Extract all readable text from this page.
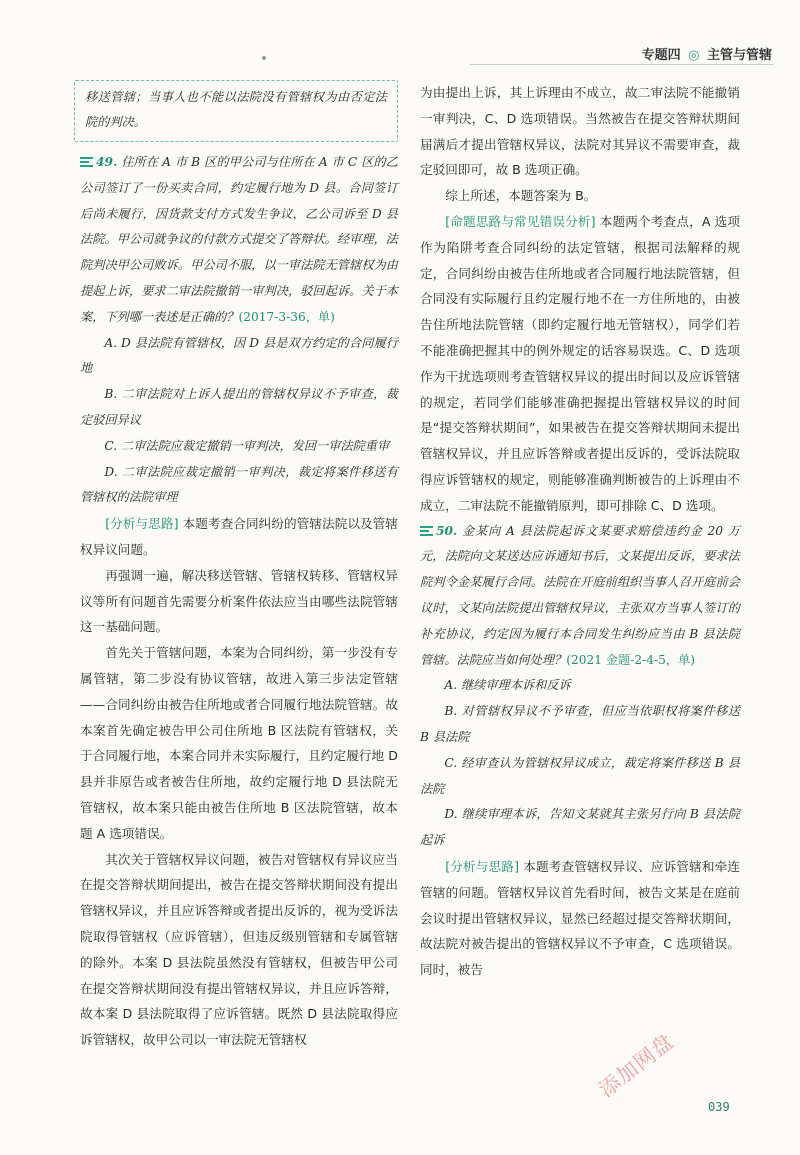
专题四 ◎ 主管与管辖

移送管辖；当事人也不能以法院没有管辖权为由否定法院的判决。

49. 住所在 A 市 B 区的甲公司与住所在 A 市 C 区的乙公司签订了一份买卖合同，约定履行地为 D 县。合同签订后尚未履行，因货款支付方式发生争议，乙公司诉至 D 县法院。甲公司就争议的付款方式提交了答辩状。经审理，法院判决甲公司败诉。甲公司不服，以一审法院无管辖权为由提起上诉，要求二审法院撤销一审判决，驳回起诉。关于本案，下列哪一表述是正确的？(2017-3-36，单)

A. D 县法院有管辖权，因 D 县是双方约定的合同履行地

B. 二审法院对上诉人提出的管辖权异议不予审查，裁定驳回异议

C. 二审法院应裁定撤销一审判决，发回一审法院重审

D. 二审法院应裁定撤销一审判决，裁定将案件移送有管辖权的法院审理

[分析与思路] 本题考查合同纠纷的管辖法院以及管辖权异议问题。

再强调一遍，解决移送管辖、管辖权转移、管辖权异议等所有问题首先需要分析案件依法应当由哪些法院管辖这一基础问题。

首先关于管辖问题，本案为合同纠纷，第一步没有专属管辖，第二步没有协议管辖，故进入第三步法定管辖——合同纠纷由被告住所地或者合同履行地法院管辖。故本案首先确定被告甲公司住所地 B 区法院有管辖权，关于合同履行地，本案合同并未实际履行，且约定履行地 D 县并非原告或者被告住所地，故约定履行地 D 县法院无管辖权，故本案只能由被告住所地 B 区法院管辖，故本题 A 选项错误。

其次关于管辖权异议问题，被告对管辖权有异议应当在提交答辩状期间提出，被告在提交答辩状期间没有提出管辖权异议，并且应诉答辩或者提出反诉的，视为受诉法院取得管辖权（应诉管辖），但违反级别管辖和专属管辖的除外。本案 D 县法院虽然没有管辖权，但被告甲公司在提交答辩状期间没有提出管辖权异议，并且应诉答辩，故本案 D 县法院取得了应诉管辖。既然 D 县法院取得应诉管辖权，故甲公司以一审法院无管辖权

为由提出上诉，其上诉理由不成立，故二审法院不能撤销一审判决，C、D 选项错误。当然被告在提交答辩状期间届满后才提出管辖权异议，法院对其异议不需要审查，裁定驳回即可，故 B 选项正确。

综上所述，本题答案为 B。

[命题思路与常见错误分析] 本题两个考查点，A 选项作为陷阱考查合同纠纷的法定管辖，根据司法解释的规定，合同纠纷由被告住所地或者合同履行地法院管辖，但合同没有实际履行且约定履行地不在一方住所地的，由被告住所地法院管辖（即约定履行地无管辖权），同学们若不能准确把握其中的例外规定的话容易误选。C、D 选项作为干扰选项则考查管辖权异议的提出时间以及应诉管辖的规定，若同学们能够准确把握提出管辖权异议的时间是“提交答辩状期间”，如果被告在提交答辩状期间未提出管辖权异议，并且应诉答辩或者提出反诉的，受诉法院取得应诉管辖权的规定，则能够准确判断被告的上诉理由不成立，二审法院不能撤销原判，即可排除 C、D 选项。

50. 金某向 A 县法院起诉文某要求赔偿违约金 20 万元，法院向文某送达应诉通知书后，文某提出反诉，要求法院判令金某履行合同。法院在开庭前组织当事人召开庭前会议时，文某向法院提出管辖权异议，主张双方当事人签订的补充协议，约定因为履行本合同发生纠纷应当由 B 县法院管辖。法院应当如何处理？(2021 金题-2-4-5，单)

A. 继续审理本诉和反诉

B. 对管辖权异议不予审查，但应当依职权将案件移送 B 县法院

C. 经审查认为管辖权异议成立，裁定将案件移送 B 县法院

D. 继续审理本诉，告知文某就其主张另行向 B 县法院起诉

[分析与思路] 本题考查管辖权异议、应诉管辖和牵连管辖的问题。管辖权异议首先看时间，被告文某是在庭前会议时提出管辖权异议，显然已经超过提交答辩状期间，故法院对被告提出的管辖权异议不予审查，C 选项错误。同时，被告

039
添加网盘
